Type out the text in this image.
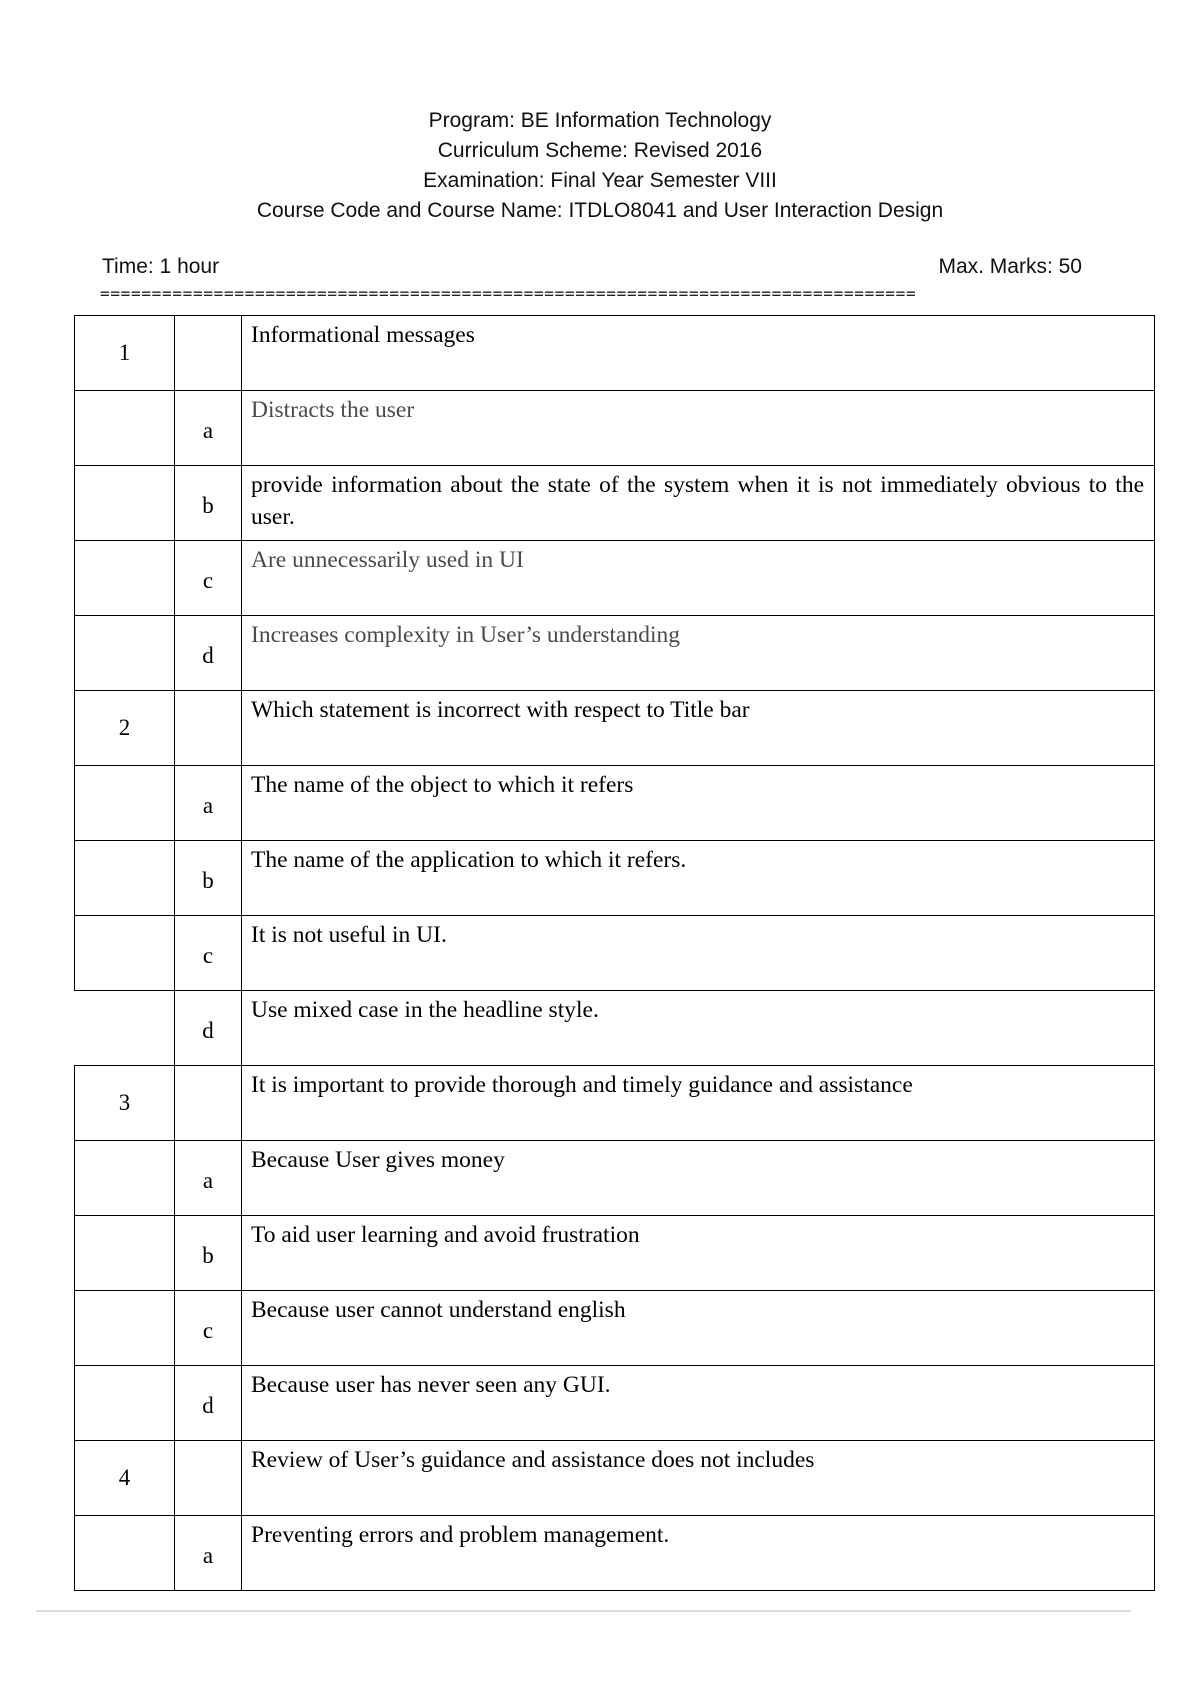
Program: BE Information Technology
Curriculum Scheme: Revised 2016
Examination: Final Year Semester VIII
Course Code and Course Name: ITDLO8041 and User Interaction Design
Time: 1 hour	Max. Marks: 50
===============================================================================
1		Informational messages
	a	Distracts the user
	b	provide information about the state of the system when it is not immediately obvious to the user.
	c	Are unnecessarily used in UI
	d	Increases complexity in User’s understanding
2		Which statement is incorrect with respect to Title bar
	a	The name of the object to which it refers
	b	The name of the application to which it refers.
	c	It is not useful in UI.
	d	Use mixed case in the headline style.
3		It is important to provide thorough and timely guidance and assistance
	a	Because User gives money
	b	To aid user learning and avoid frustration
	c	Because user cannot understand english
	d	Because user has never seen any GUI.
4		Review of User’s guidance and assistance does not includes
	a	Preventing errors and problem management.
